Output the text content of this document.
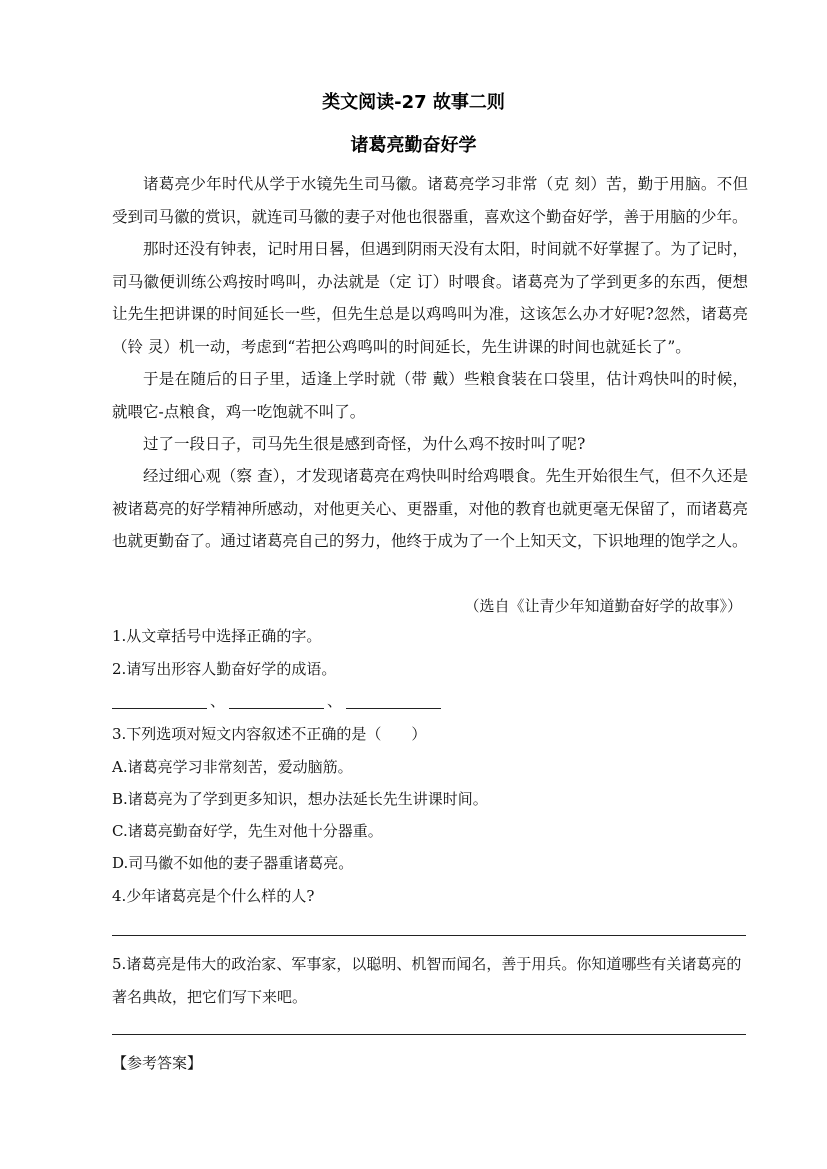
类文阅读-27 故事二则
诸葛亮勤奋好学

诸葛亮少年时代从学于水镜先生司马徽。诸葛亮学习非常（克 刻）苦，勤于用脑。不但受到司马徽的赏识，就连司马徽的妻子对他也很器重，喜欢这个勤奋好学，善于用脑的少年。

那时还没有钟表，记时用日晷，但遇到阴雨天没有太阳，时间就不好掌握了。为了记时，司马徽便训练公鸡按时鸣叫，办法就是（定 订）时喂食。诸葛亮为了学到更多的东西，便想让先生把讲课的时间延长一些，但先生总是以鸡鸣叫为准，这该怎么办才好呢?忽然，诸葛亮（铃 灵）机一动，考虑到“若把公鸡鸣叫的时间延长，先生讲课的时间也就延长了”。

于是在随后的日子里，适逢上学时就（带 戴）些粮食装在口袋里，估计鸡快叫的时候，就喂它-点粮食，鸡一吃饱就不叫了。

过了一段日子，司马先生很是感到奇怪，为什么鸡不按时叫了呢?

经过细心观（察 查），才发现诸葛亮在鸡快叫时给鸡喂食。先生开始很生气，但不久还是被诸葛亮的好学精神所感动，对他更关心、更器重，对他的教育也就更毫无保留了，而诸葛亮也就更勤奋了。通过诸葛亮自己的努力，他终于成为了一个上知天文，下识地理的饱学之人。

（选自《让青少年知道勤奋好学的故事》）
1.从文章括号中选择正确的字。
2.请写出形容人勤奋好学的成语。
、	、
3.下列选项对短文内容叙述不正确的是（　　）
A.诸葛亮学习非常刻苦，爱动脑筋。
B.诸葛亮为了学到更多知识，想办法延长先生讲课时间。
C.诸葛亮勤奋好学，先生对他十分器重。
D.司马徽不如他的妻子器重诸葛亮。
4.少年诸葛亮是个什么样的人?

5.诸葛亮是伟大的政治家、军事家，以聪明、机智而闻名，善于用兵。你知道哪些有关诸葛亮的著名典故，把它们写下来吧。

【参考答案】
